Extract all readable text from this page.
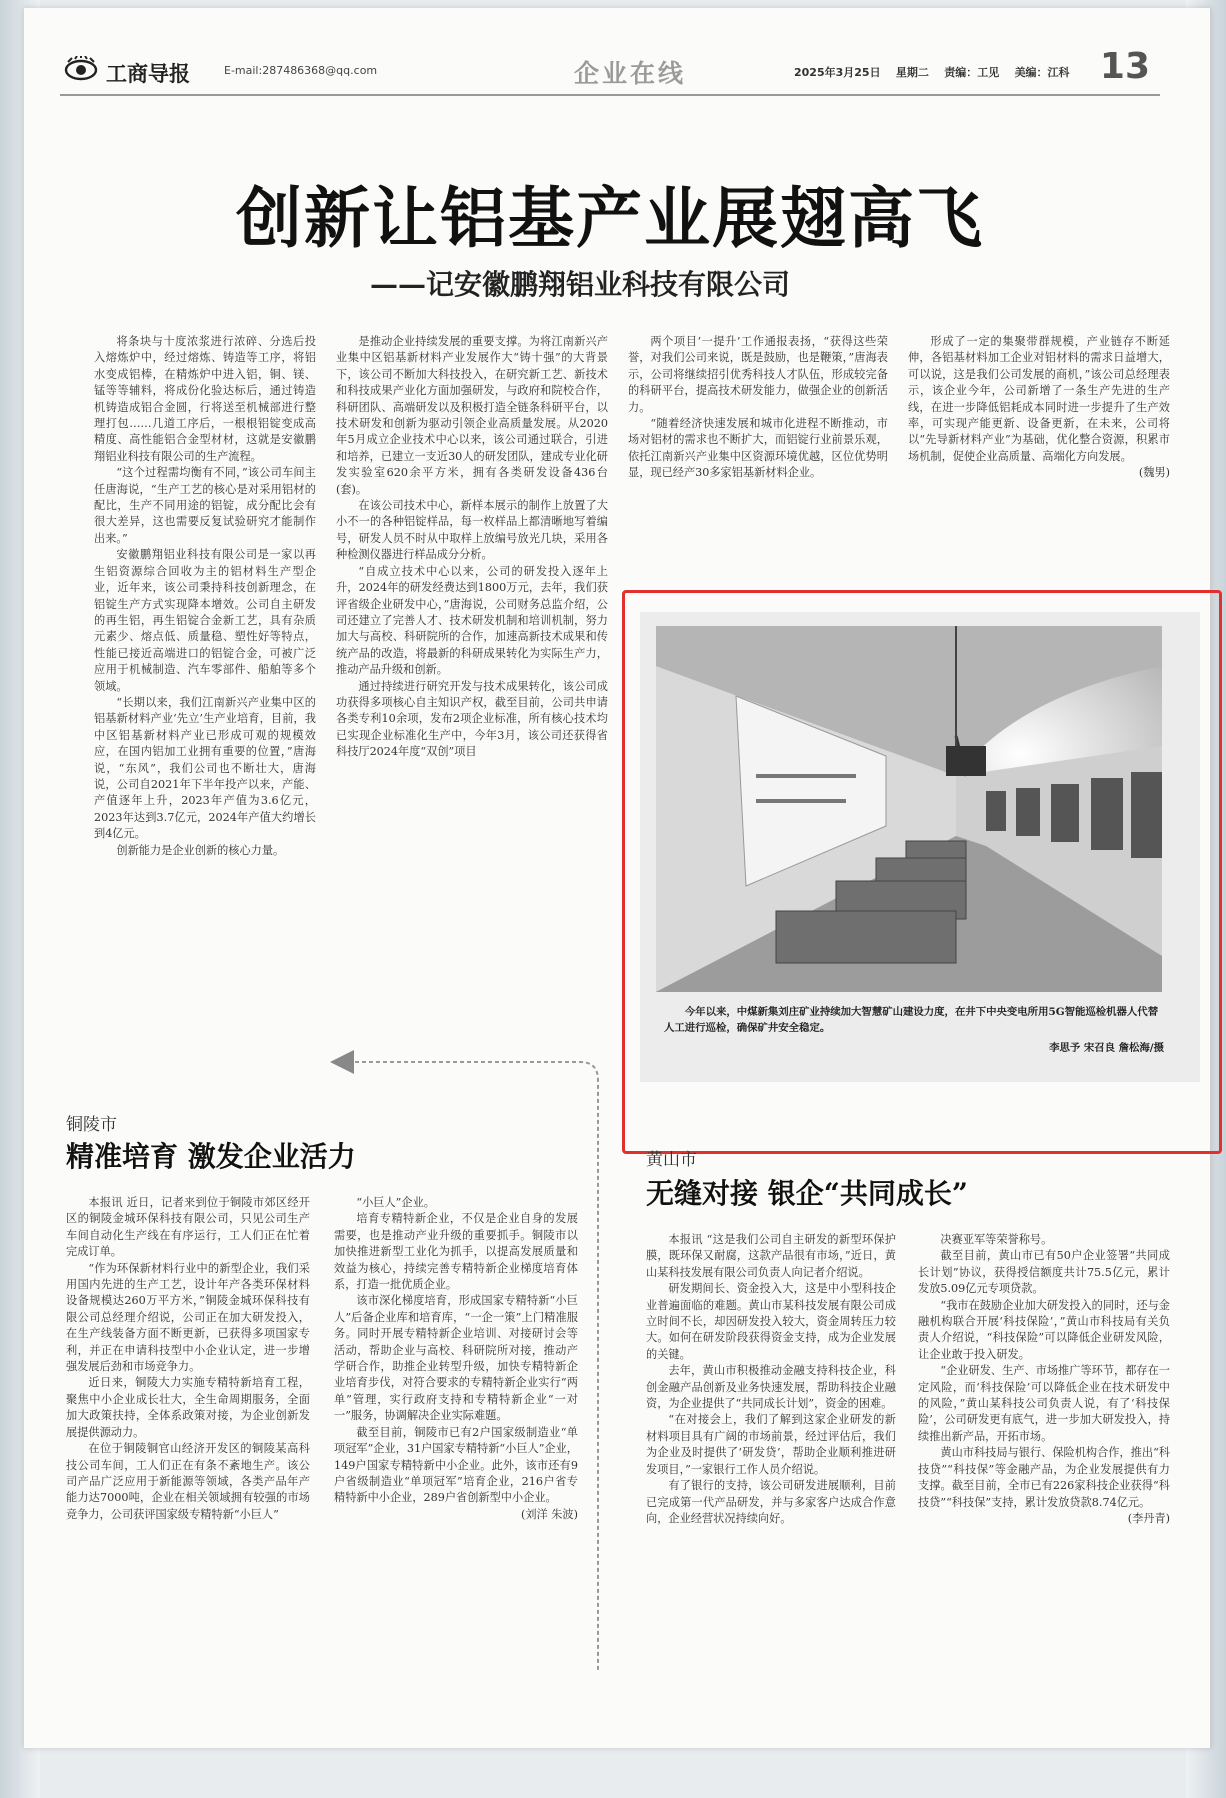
工商导报	E-mail:287486368@qq.com	企业在线	2025年3月25日 星期二 责编：工见 美编：江科 13
创新让铝基产业展翅高飞
——记安徽鹏翔铝业科技有限公司

将条块与十度浓浆进行浓碎、分选后投入熔炼炉中，经过熔炼、铸造等工序，将铝水变成铝棒，在精炼炉中进入铝，铜、镁、锰等等辅料，将成份化验达标后，通过铸造机铸造成铝合金圆，行将送至机械部进行整理打包……几道工序后，一根根铝锭变成高精度、高性能铝合金型材材，这就是安徽鹏翔铝业科技有限公司的生产流程。

“这个过程需均衡有不同，”该公司车间主任唐海说，“生产工艺的核心是对采用铝材的配比，生产不同用途的铝锭，成分配比会有很大差异，这也需要反复试验研究才能制作出来。”

安徽鹏翔铝业科技有限公司是一家以再生铝资源综合回收为主的铝材料生产型企业，近年来，该公司秉持科技创新理念，在铝锭生产方式实现降本增效。公司自主研发的再生铝，再生铝锭合金新工艺，具有杂质元素少、熔点低、质量稳、塑性好等特点，性能已接近高端进口的铝锭合金，可被广泛应用于机械制造、汽车零部件、船舶等多个领域。

“长期以来，我们江南新兴产业集中区的铝基新材料产业‘先立’生产业培育，目前，我中区铝基新材料产业已形成可观的规模效应，在国内铝加工业拥有重要的位置，”唐海说，“东风”，我们公司也不断壮大，唐海说，公司自2021年下半年投产以来，产能、产值逐年上升，2023年产值为3.6亿元，2023年达到3.7亿元，2024年产值大约增长到4亿元。

创新能力是企业创新的核心力量。

是推动企业持续发展的重要支撑。为将江南新兴产业集中区铝基新材料产业发展作大“铸十强”的大背景下，该公司不断加大科技投入，在研究新工艺、新技术和科技成果产业化方面加强研发，与政府和院校合作，科研团队、高端研发以及积极打造全链条科研平台，以技术研发和创新为驱动引领企业高质量发展。从2020年5月成立企业技术中心以来，该公司通过联合，引进和培养，已建立一支近30人的研发团队，建成专业化研发实验室620余平方米，拥有各类研发设备436台(套)。

在该公司技术中心，新样本展示的制作上放置了大小不一的各种铝锭样品，每一枚样品上都清晰地写着编号，研发人员不时从中取样上放编号放光几块，采用各种检测仪器进行样品成分分析。

“自成立技术中心以来，公司的研发投入逐年上升，2024年的研发经费达到1800万元，去年，我们获评省级企业研发中心，”唐海说，公司财务总监介绍，公司还建立了完善人才、技术研发机制和培训机制，努力加大与高校、科研院所的合作，加速高新技术成果和传统产品的改造，将最新的科研成果转化为实际生产力，推动产品升级和创新。

通过持续进行研究开发与技术成果转化，该公司成功获得多项核心自主知识产权，截至目前，公司共申请各类专利10余项，发布2项企业标准，所有核心技术均已实现企业标准化生产中，今年3月，该公司还获得省科技厅2024年度“双创”项目

两个项目‘一提升’工作通报表扬，“获得这些荣誉，对我们公司来说，既是鼓励，也是鞭策，”唐海表示，公司将继续招引优秀科技人才队伍，形成较完备的科研平台，提高技术研发能力，做强企业的创新活力。

“随着经济快速发展和城市化进程不断推动，市场对铝材的需求也不断扩大，而铝锭行业前景乐观，依托江南新兴产业集中区资源环境优越，区位优势明显，现已经产30多家铝基新材料企业。

形成了一定的集聚带群规模，产业链存不断延伸，各铝基材料加工企业对铝材料的需求日益增大，可以说，这是我们公司发展的商机，”该公司总经理表示，该企业今年，公司新增了一条生产先进的生产线，在进一步降低铝耗成本同时进一步提升了生产效率，可实现产能更新、设备更新，在未来，公司将以“先导新材料产业”为基础，优化整合资源，积累市场机制，促使企业高质量、高端化方向发展。

(魏男)

今年以来，中煤新集刘庄矿业持续加大智慧矿山建设力度，在井下中央变电所用5G智能巡检机器人代替人工进行巡检，确保矿井安全稳定。

李思予 宋召良 詹松海/摄

铜陵市
精准培育 激发企业活力

本报讯 近日，记者来到位于铜陵市郊区经开区的铜陵金城环保科技有限公司，只见公司生产车间自动化生产线在有序运行，工人们正在忙着完成订单。

“作为环保新材料行业中的新型企业，我们采用国内先进的生产工艺，设计年产各类环保材料设备规模达260万平方米，”铜陵金城环保科技有限公司总经理介绍说，公司正在加大研发投入，在生产线装备方面不断更新，已获得多项国家专利，并正在申请科技型中小企业认定，进一步增强发展后劲和市场竞争力。

近日来，铜陵大力实施专精特新培育工程，聚焦中小企业成长壮大，全生命周期服务，全面加大政策扶持，全体系政策对接，为企业创新发展提供源动力。

在位于铜陵铜官山经济开发区的铜陵某高科技公司车间，工人们正在有条不紊地生产。该公司产品广泛应用于新能源等领域，各类产品年产能力达7000吨，企业在相关领域拥有较强的市场竞争力，公司获评国家级专精特新“小巨人”

“小巨人”企业。

培育专精特新企业，不仅是企业自身的发展需要，也是推动产业升级的重要抓手。铜陵市以加快推进新型工业化为抓手，以提高发展质量和效益为核心，持续完善专精特新企业梯度培育体系，打造一批优质企业。

该市深化梯度培育，形成国家专精特新“小巨人”后备企业库和培育库，“一企一策”上门精准服务。同时开展专精特新企业培训、对接研讨会等活动，帮助企业与高校、科研院所对接，推动产学研合作，助推企业转型升级，加快专精特新企业培育步伐，对符合要求的专精特新企业实行“两单”管理，实行政府支持和专精特新企业“一对一”服务，协调解决企业实际难题。

截至目前，铜陵市已有2户国家级制造业“单项冠军”企业，31户国家专精特新“小巨人”企业，149户国家专精特新中小企业。此外，该市还有9户省级制造业“单项冠军”培育企业，216户省专精特新中小企业，289户省创新型中小企业。

(刘洋 朱波)

黄山市
无缝对接 银企“共同成长”

本报讯 “这是我们公司自主研发的新型环保护膜，既环保又耐腐，这款产品很有市场，”近日，黄山某科技发展有限公司负责人向记者介绍说。

研发期间长、资金投入大，这是中小型科技企业普遍面临的难题。黄山市某科技发展有限公司成立时间不长，却因研发投入较大，资金周转压力较大。如何在研发阶段获得资金支持，成为企业发展的关键。

去年，黄山市积极推动金融支持科技企业，科创金融产品创新及业务快速发展，帮助科技企业融资，为企业提供了“共同成长计划”，资金的困难。

“在对接会上，我们了解到这家企业研发的新材料项目具有广阔的市场前景，经过评估后，我们为企业及时提供了‘研发贷’，帮助企业顺利推进研发项目，”一家银行工作人员介绍说。

有了银行的支持，该公司研发进展顺利，目前已完成第一代产品研发，并与多家客户达成合作意向，企业经营状况持续向好。

决赛亚军等荣誉称号。

截至目前，黄山市已有50户企业签署“共同成长计划”协议，获得授信额度共计75.5亿元，累计发放5.09亿元专项贷款。

“我市在鼓励企业加大研发投入的同时，还与金融机构联合开展‘科技保险’，”黄山市科技局有关负责人介绍说，“科技保险”可以降低企业研发风险，让企业敢于投入研发。

“企业研发、生产、市场推广等环节，都存在一定风险，而‘科技保险’可以降低企业在技术研发中的风险，”黄山某科技公司负责人说，有了‘科技保险’，公司研发更有底气，进一步加大研发投入，持续推出新产品，开拓市场。

黄山市科技局与银行、保险机构合作，推出“科技贷”“科技保”等金融产品，为企业发展提供有力支撑。截至目前，全市已有226家科技企业获得“科技贷”“科技保”支持，累计发放贷款8.74亿元。

(李丹青)
